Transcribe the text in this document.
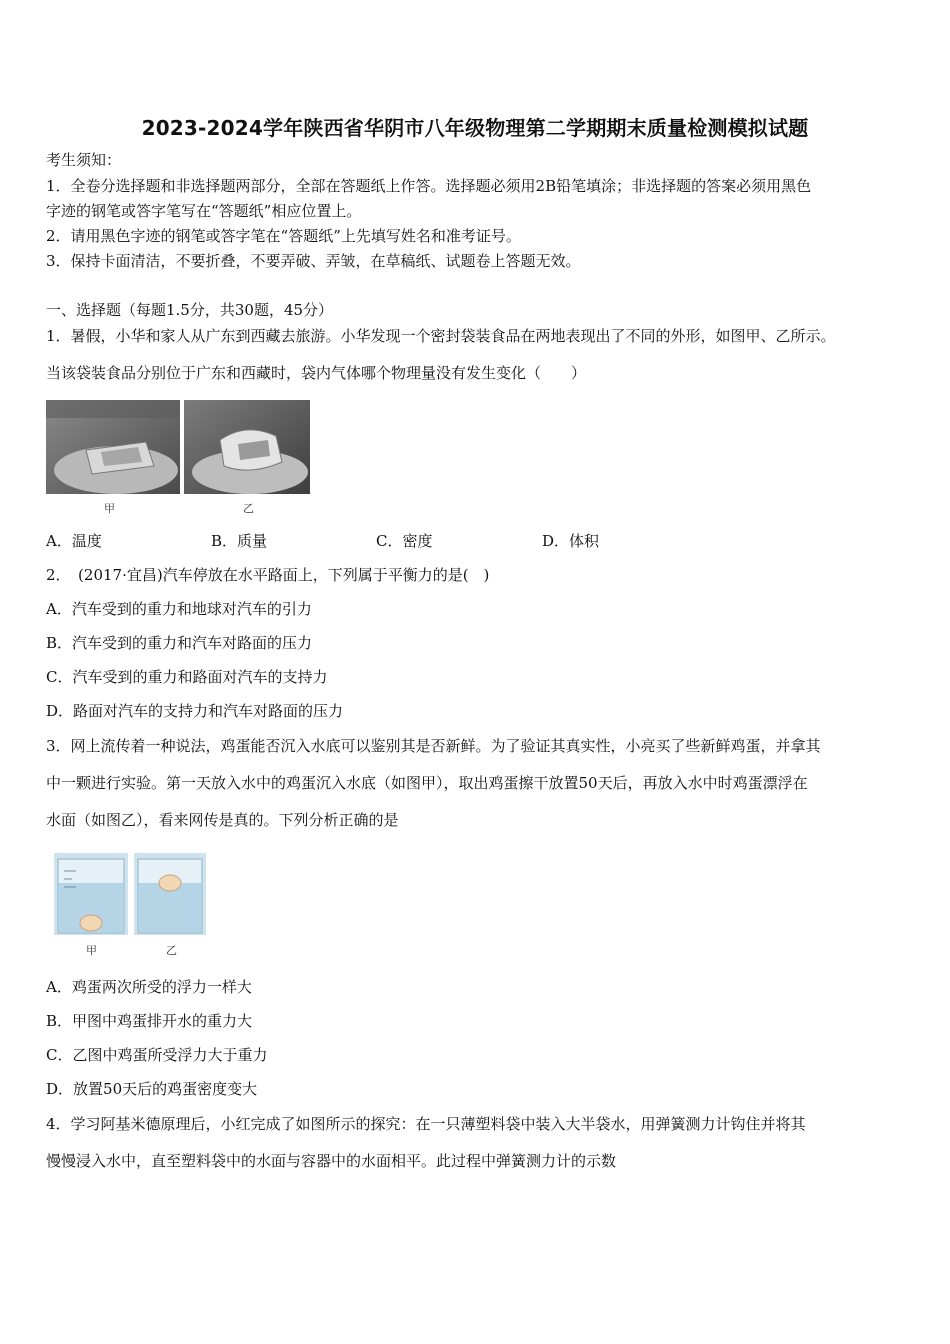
2023-2024学年陕西省华阴市八年级物理第二学期期末质量检测模拟试题
考生须知：
1．全卷分选择题和非选择题两部分，全部在答题纸上作答。选择题必须用2B铅笔填涂；非选择题的答案必须用黑色
字迹的钢笔或答字笔写在“答题纸”相应位置上。
2．请用黑色字迹的钢笔或答字笔在“答题纸”上先填写姓名和准考证号。
3．保持卡面清洁，不要折叠，不要弄破、弄皱，在草稿纸、试题卷上答题无效。
一、选择题（每题1.5分，共30题，45分）
1．暑假，小华和家人从广东到西藏去旅游。小华发现一个密封袋装食品在两地表现出了不同的外形，如图甲、乙所示。
当该袋装食品分别位于广东和西藏时，袋内气体哪个物理量没有发生变化（　　）
甲	乙
A．温度	B．质量	C．密度	D．体积
2．　(2017·宜昌)汽车停放在水平路面上，下列属于平衡力的是(　)
A．汽车受到的重力和地球对汽车的引力
B．汽车受到的重力和汽车对路面的压力
C．汽车受到的重力和路面对汽车的支持力
D．路面对汽车的支持力和汽车对路面的压力
3．网上流传着一种说法，鸡蛋能否沉入水底可以鉴别其是否新鲜。为了验证其真实性，小亮买了些新鲜鸡蛋，并拿其
中一颗进行实验。第一天放入水中的鸡蛋沉入水底（如图甲），取出鸡蛋擦干放置50天后，再放入水中时鸡蛋漂浮在
水面（如图乙），看来网传是真的。下列分析正确的是
甲	乙
A．鸡蛋两次所受的浮力一样大
B．甲图中鸡蛋排开水的重力大
C．乙图中鸡蛋所受浮力大于重力
D．放置50天后的鸡蛋密度变大
4．学习阿基米德原理后，小红完成了如图所示的探究：在一只薄塑料袋中装入大半袋水，用弹簧测力计钩住并将其
慢慢浸入水中，直至塑料袋中的水面与容器中的水面相平。此过程中弹簧测力计的示数
